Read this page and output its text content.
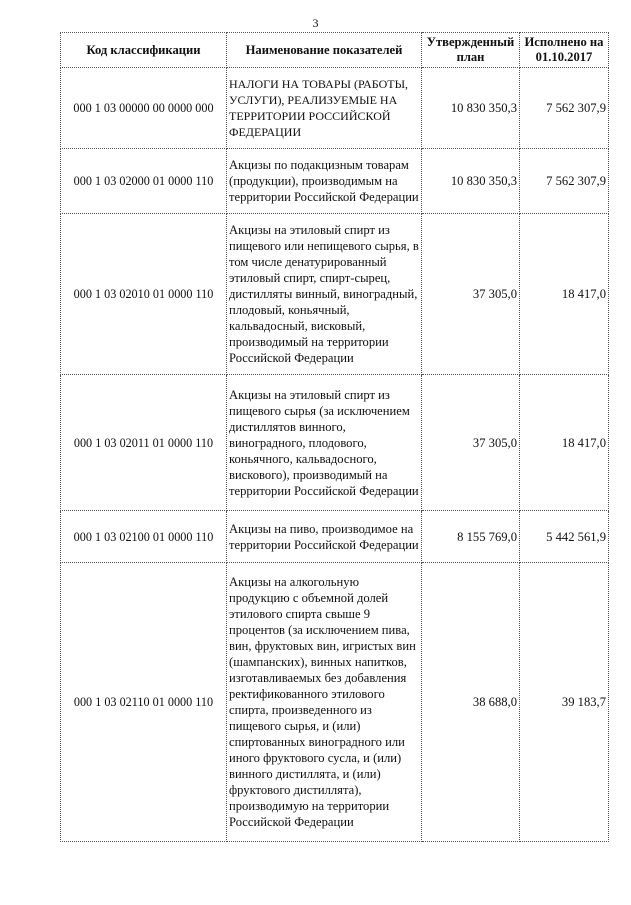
3
Код классификации	Наименование показателей	Утвержденный план	Исполнено на 01.10.2017
000 1 03 00000 00 0000 000	НАЛОГИ НА ТОВАРЫ (РАБОТЫ, УСЛУГИ), РЕАЛИЗУЕМЫЕ НА ТЕРРИТОРИИ РОССИЙСКОЙ ФЕДЕРАЦИИ	10 830 350,3	7 562 307,9
000 1 03 02000 01 0000 110	Акцизы по подакцизным товарам (продукции), производимым на территории Российской Федерации	10 830 350,3	7 562 307,9
000 1 03 02010 01 0000 110	Акцизы на этиловый спирт из пищевого или непищевого сырья, в том числе денатурированный этиловый спирт, спирт-сырец, дистилляты винный, виноградный, плодовый, коньячный, кальвадосный, висковый, производимый на территории Российской Федерации	37 305,0	18 417,0
000 1 03 02011 01 0000 110	Акцизы на этиловый спирт из пищевого сырья (за исключением дистиллятов винного, виноградного, плодового, коньячного, кальвадосного, вискового), производимый на территории Российской Федерации	37 305,0	18 417,0
000 1 03 02100 01 0000 110	Акцизы на пиво, производимое на территории Российской Федерации	8 155 769,0	5 442 561,9
000 1 03 02110 01 0000 110	Акцизы на алкогольную продукцию с объемной долей этилового спирта свыше 9 процентов (за исключением пива, вин, фруктовых вин, игристых вин (шампанских), винных напитков, изготавливаемых без добавления ректификованного этилового спирта, произведенного из пищевого сырья, и (или) спиртованных виноградного или иного фруктового сусла, и (или) винного дистиллята, и (или) фруктового дистиллята), производимую на территории Российской Федерации	38 688,0	39 183,7
